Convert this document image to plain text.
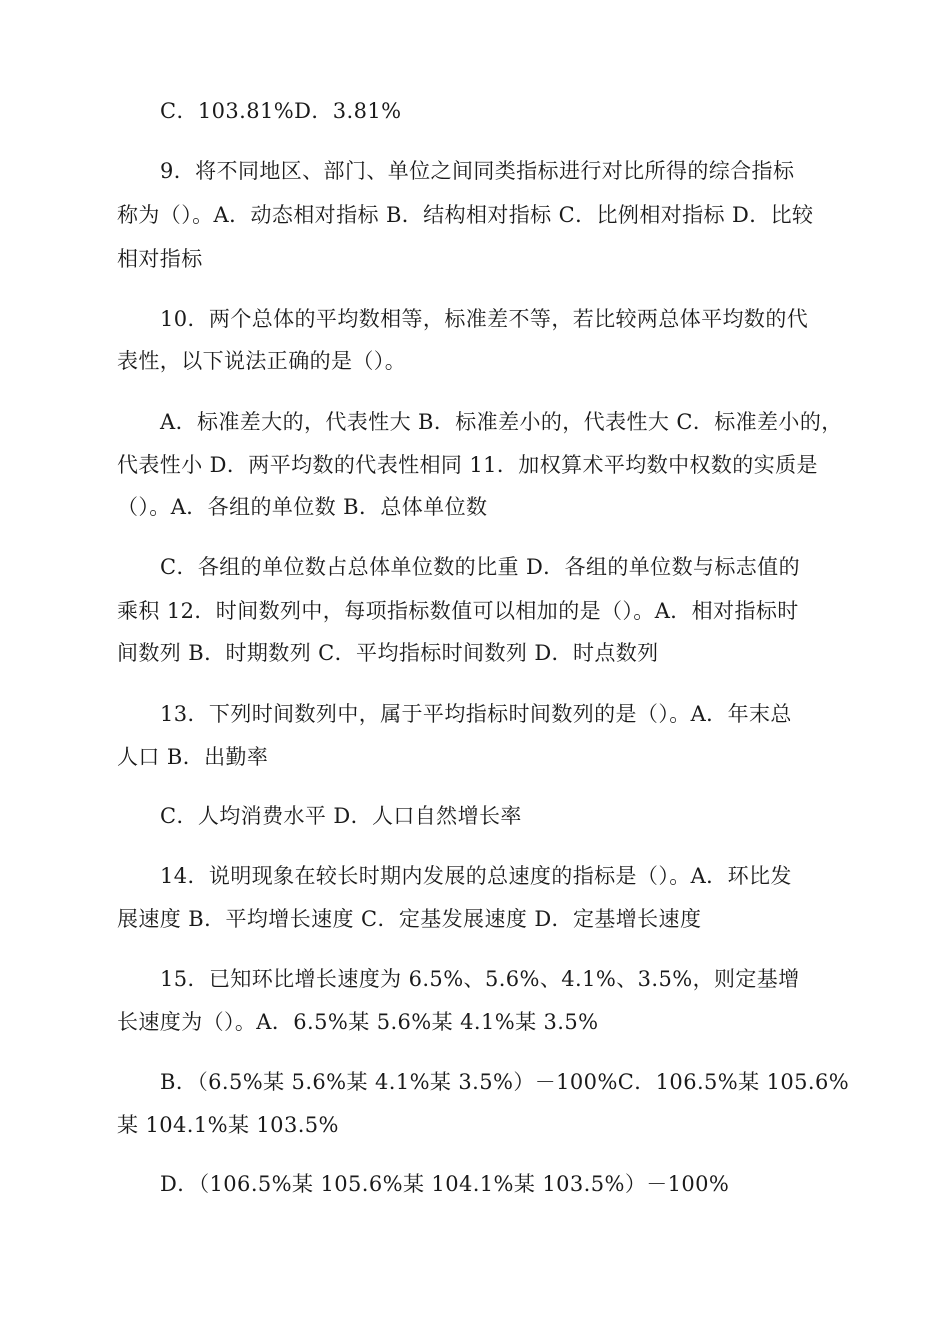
C．103.81%D．3.81%
9．将不同地区、部门、单位之间同类指标进行对比所得的综合指标
称为（）。A．动态相对指标 B．结构相对指标 C．比例相对指标 D．比较
相对指标
10．两个总体的平均数相等，标准差不等，若比较两总体平均数的代
表性，以下说法正确的是（）。
A．标准差大的，代表性大 B．标准差小的，代表性大 C．标准差小的，
代表性小 D．两平均数的代表性相同 11．加权算术平均数中权数的实质是
（）。A．各组的单位数 B．总体单位数
C．各组的单位数占总体单位数的比重 D．各组的单位数与标志值的
乘积 12．时间数列中，每项指标数值可以相加的是（）。A．相对指标时
间数列 B．时期数列 C．平均指标时间数列 D．时点数列
13．下列时间数列中，属于平均指标时间数列的是（）。A．年末总
人口 B．出勤率
C．人均消费水平 D．人口自然增长率
14．说明现象在较长时期内发展的总速度的指标是（）。A．环比发
展速度 B．平均增长速度 C．定基发展速度 D．定基增长速度
15．已知环比增长速度为 6.5%、5.6%、4.1%、3.5%，则定基增
长速度为（）。A．6.5%某 5.6%某 4.1%某 3.5%
B．（6.5%某 5.6%某 4.1%某 3.5%）－100%C．106.5%某 105.6%
某 104.1%某 103.5%
D．（106.5%某 105.6%某 104.1%某 103.5%）－100%
